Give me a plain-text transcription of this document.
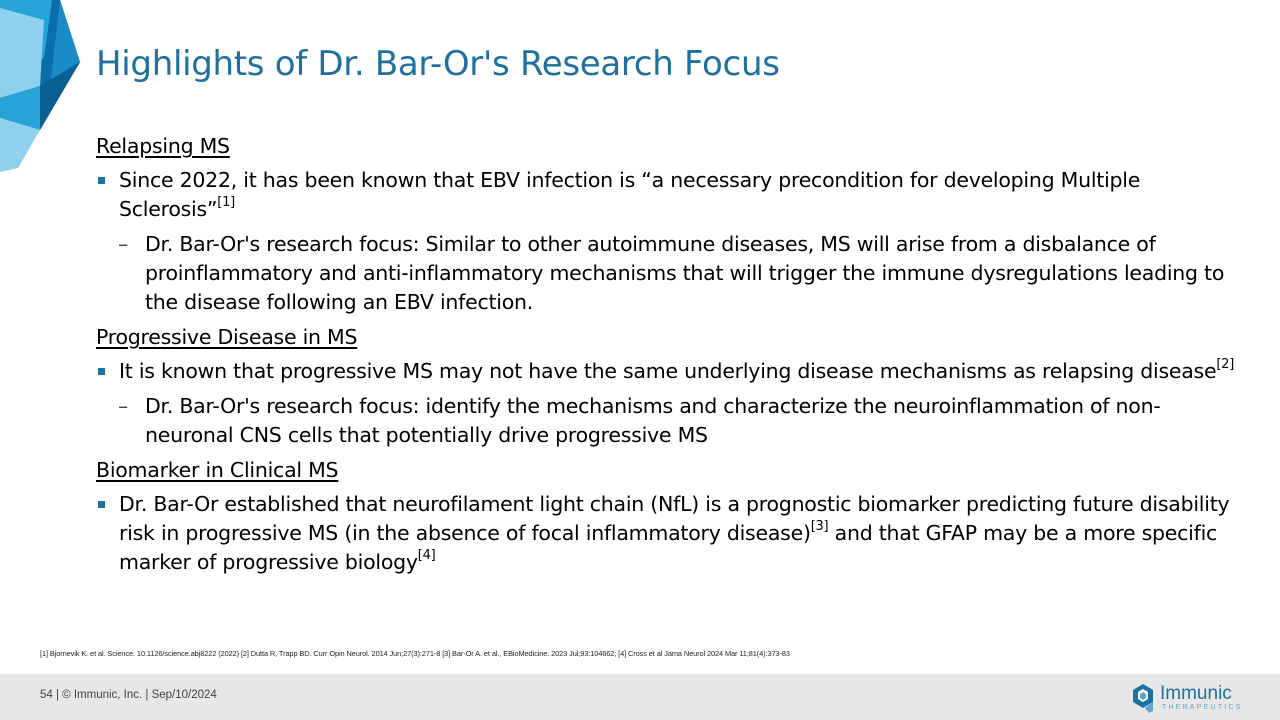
Highlights of Dr. Bar-Or's Research Focus
Relapsing MS
Since 2022, it has been known that EBV infection is “a necessary precondition for developing Multiple Sclerosis”[1]
– Dr. Bar-Or's research focus: Similar to other autoimmune diseases, MS will arise from a disbalance of proinflammatory and anti-inflammatory mechanisms that will trigger the immune dysregulations leading to the disease following an EBV infection.
Progressive Disease in MS
It is known that progressive MS may not have the same underlying disease mechanisms as relapsing disease[2]
– Dr. Bar-Or's research focus: identify the mechanisms and characterize the neuroinflammation of non-neuronal CNS cells that potentially drive progressive MS
Biomarker in Clinical MS
Dr. Bar-Or established that neurofilament light chain (NfL) is a prognostic biomarker predicting future disability risk in progressive MS (in the absence of focal inflammatory disease)[3] and that GFAP may be a more specific marker of progressive biology[4]
[1] Bjornevik K. et al. Science. 10.1126/science.abj8222 (2022) [2] Dutta R, Trapp BD. Curr Opin Neurol. 2014 Jun;27(3):271-8 [3] Bar-Or A. et al., EBioMedicine. 2023 Jul;93:104662; [4] Cross et al Jama Neurol 2024 Mar 11;81(4):373-83
54 | © Immunic, Inc. | Sep/10/2024	Immunic
THERAPEUTICS
